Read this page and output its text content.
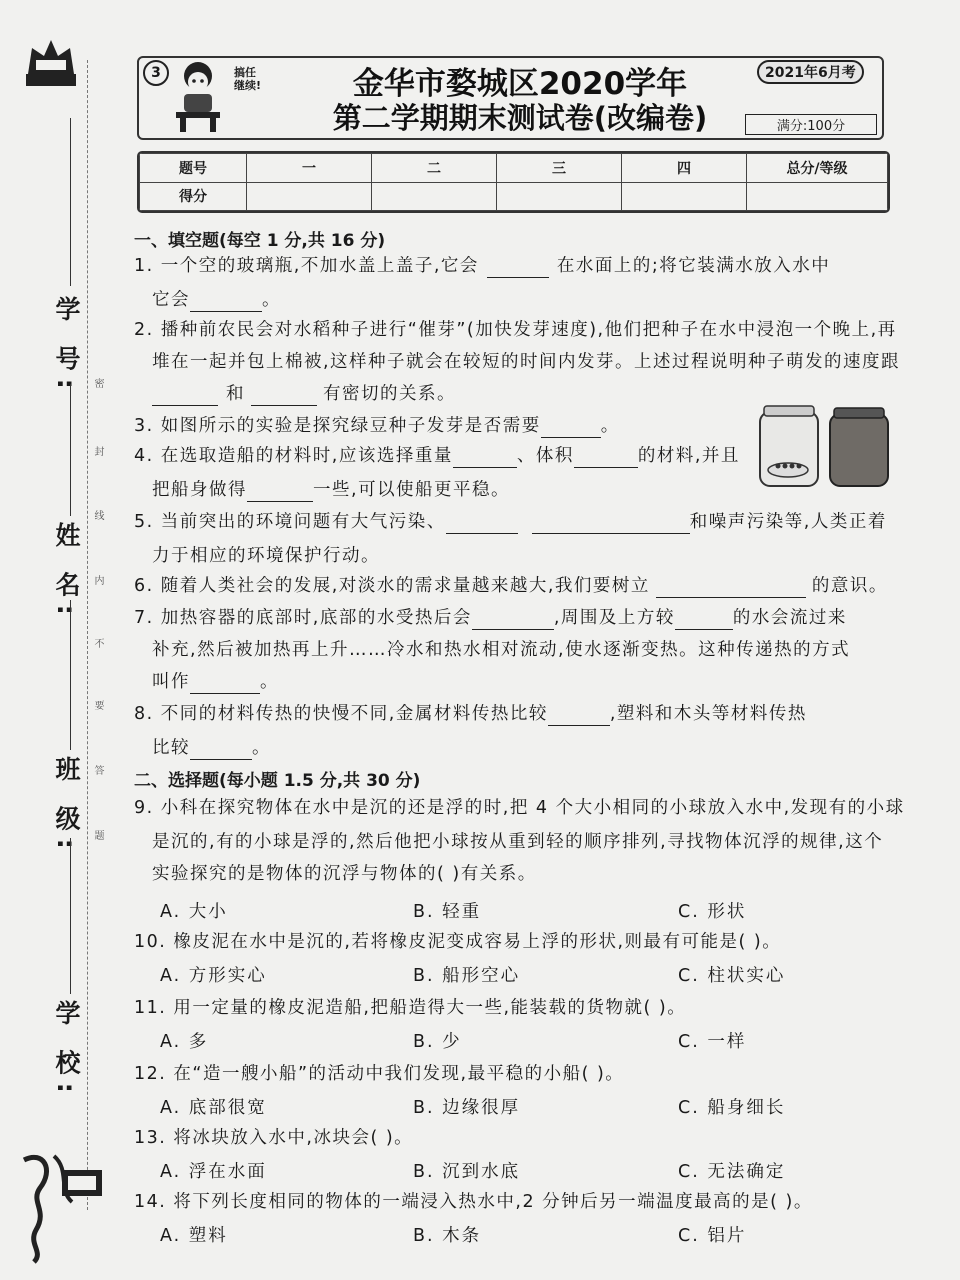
密
封
线
内
不
要
答
题
学 号:
姓 名:
班 级:
学 校:
3	搞任
继续!	金华市婺城区2020学年
第二学期期末测试卷(改编卷)
2021年6月考
满分:100分
题号	一	二	三	四	总分/等级
得分					
一、填空题(每空 1 分,共 16 分)
1. 一个空的玻璃瓶,不加水盖上盖子,它会	在水面上的;将它装满水放入水中
它会	。
2. 播种前农民会对水稻种子进行“催芽”(加快发芽速度),他们把种子在水中浸泡一个晚上,再
堆在一起并包上棉被,这样种子就会在较短的时间内发芽。上述过程说明种子萌发的速度跟
和	有密切的关系。
3. 如图所示的实验是探究绿豆种子发芽是否需要	。
4. 在选取造船的材料时,应该选择重量	、体积	的材料,并且
把船身做得	一些,可以使船更平稳。
5. 当前突出的环境问题有大气污染、	和噪声污染等,人类正着
力于相应的环境保护行动。
6. 随着人类社会的发展,对淡水的需求量越来越大,我们要树立	的意识。
7. 加热容器的底部时,底部的水受热后会	,周围及上方较	的水会流过来
补充,然后被加热再上升……冷水和热水相对流动,使水逐渐变热。这种传递热的方式
叫作	。
8. 不同的材料传热的快慢不同,金属材料传热比较	,塑料和木头等材料传热
比较	。
二、选择题(每小题 1.5 分,共 30 分)
9. 小科在探究物体在水中是沉的还是浮的时,把 4 个大小相同的小球放入水中,发现有的小球
是沉的,有的小球是浮的,然后他把小球按从重到轻的顺序排列,寻找物体沉浮的规律,这个
实验探究的是物体的沉浮与物体的( )有关系。
A. 大小	B. 轻重	C. 形状
10. 橡皮泥在水中是沉的,若将橡皮泥变成容易上浮的形状,则最有可能是( )。
A. 方形实心	B. 船形空心	C. 柱状实心
11. 用一定量的橡皮泥造船,把船造得大一些,能装载的货物就( )。
A. 多	B. 少	C. 一样
12. 在“造一艘小船”的活动中我们发现,最平稳的小船( )。
A. 底部很宽	B. 边缘很厚	C. 船身细长
13. 将冰块放入水中,冰块会( )。
A. 浮在水面	B. 沉到水底	C. 无法确定
14. 将下列长度相同的物体的一端浸入热水中,2 分钟后另一端温度最高的是( )。
A. 塑料	B. 木条	C. 铝片
